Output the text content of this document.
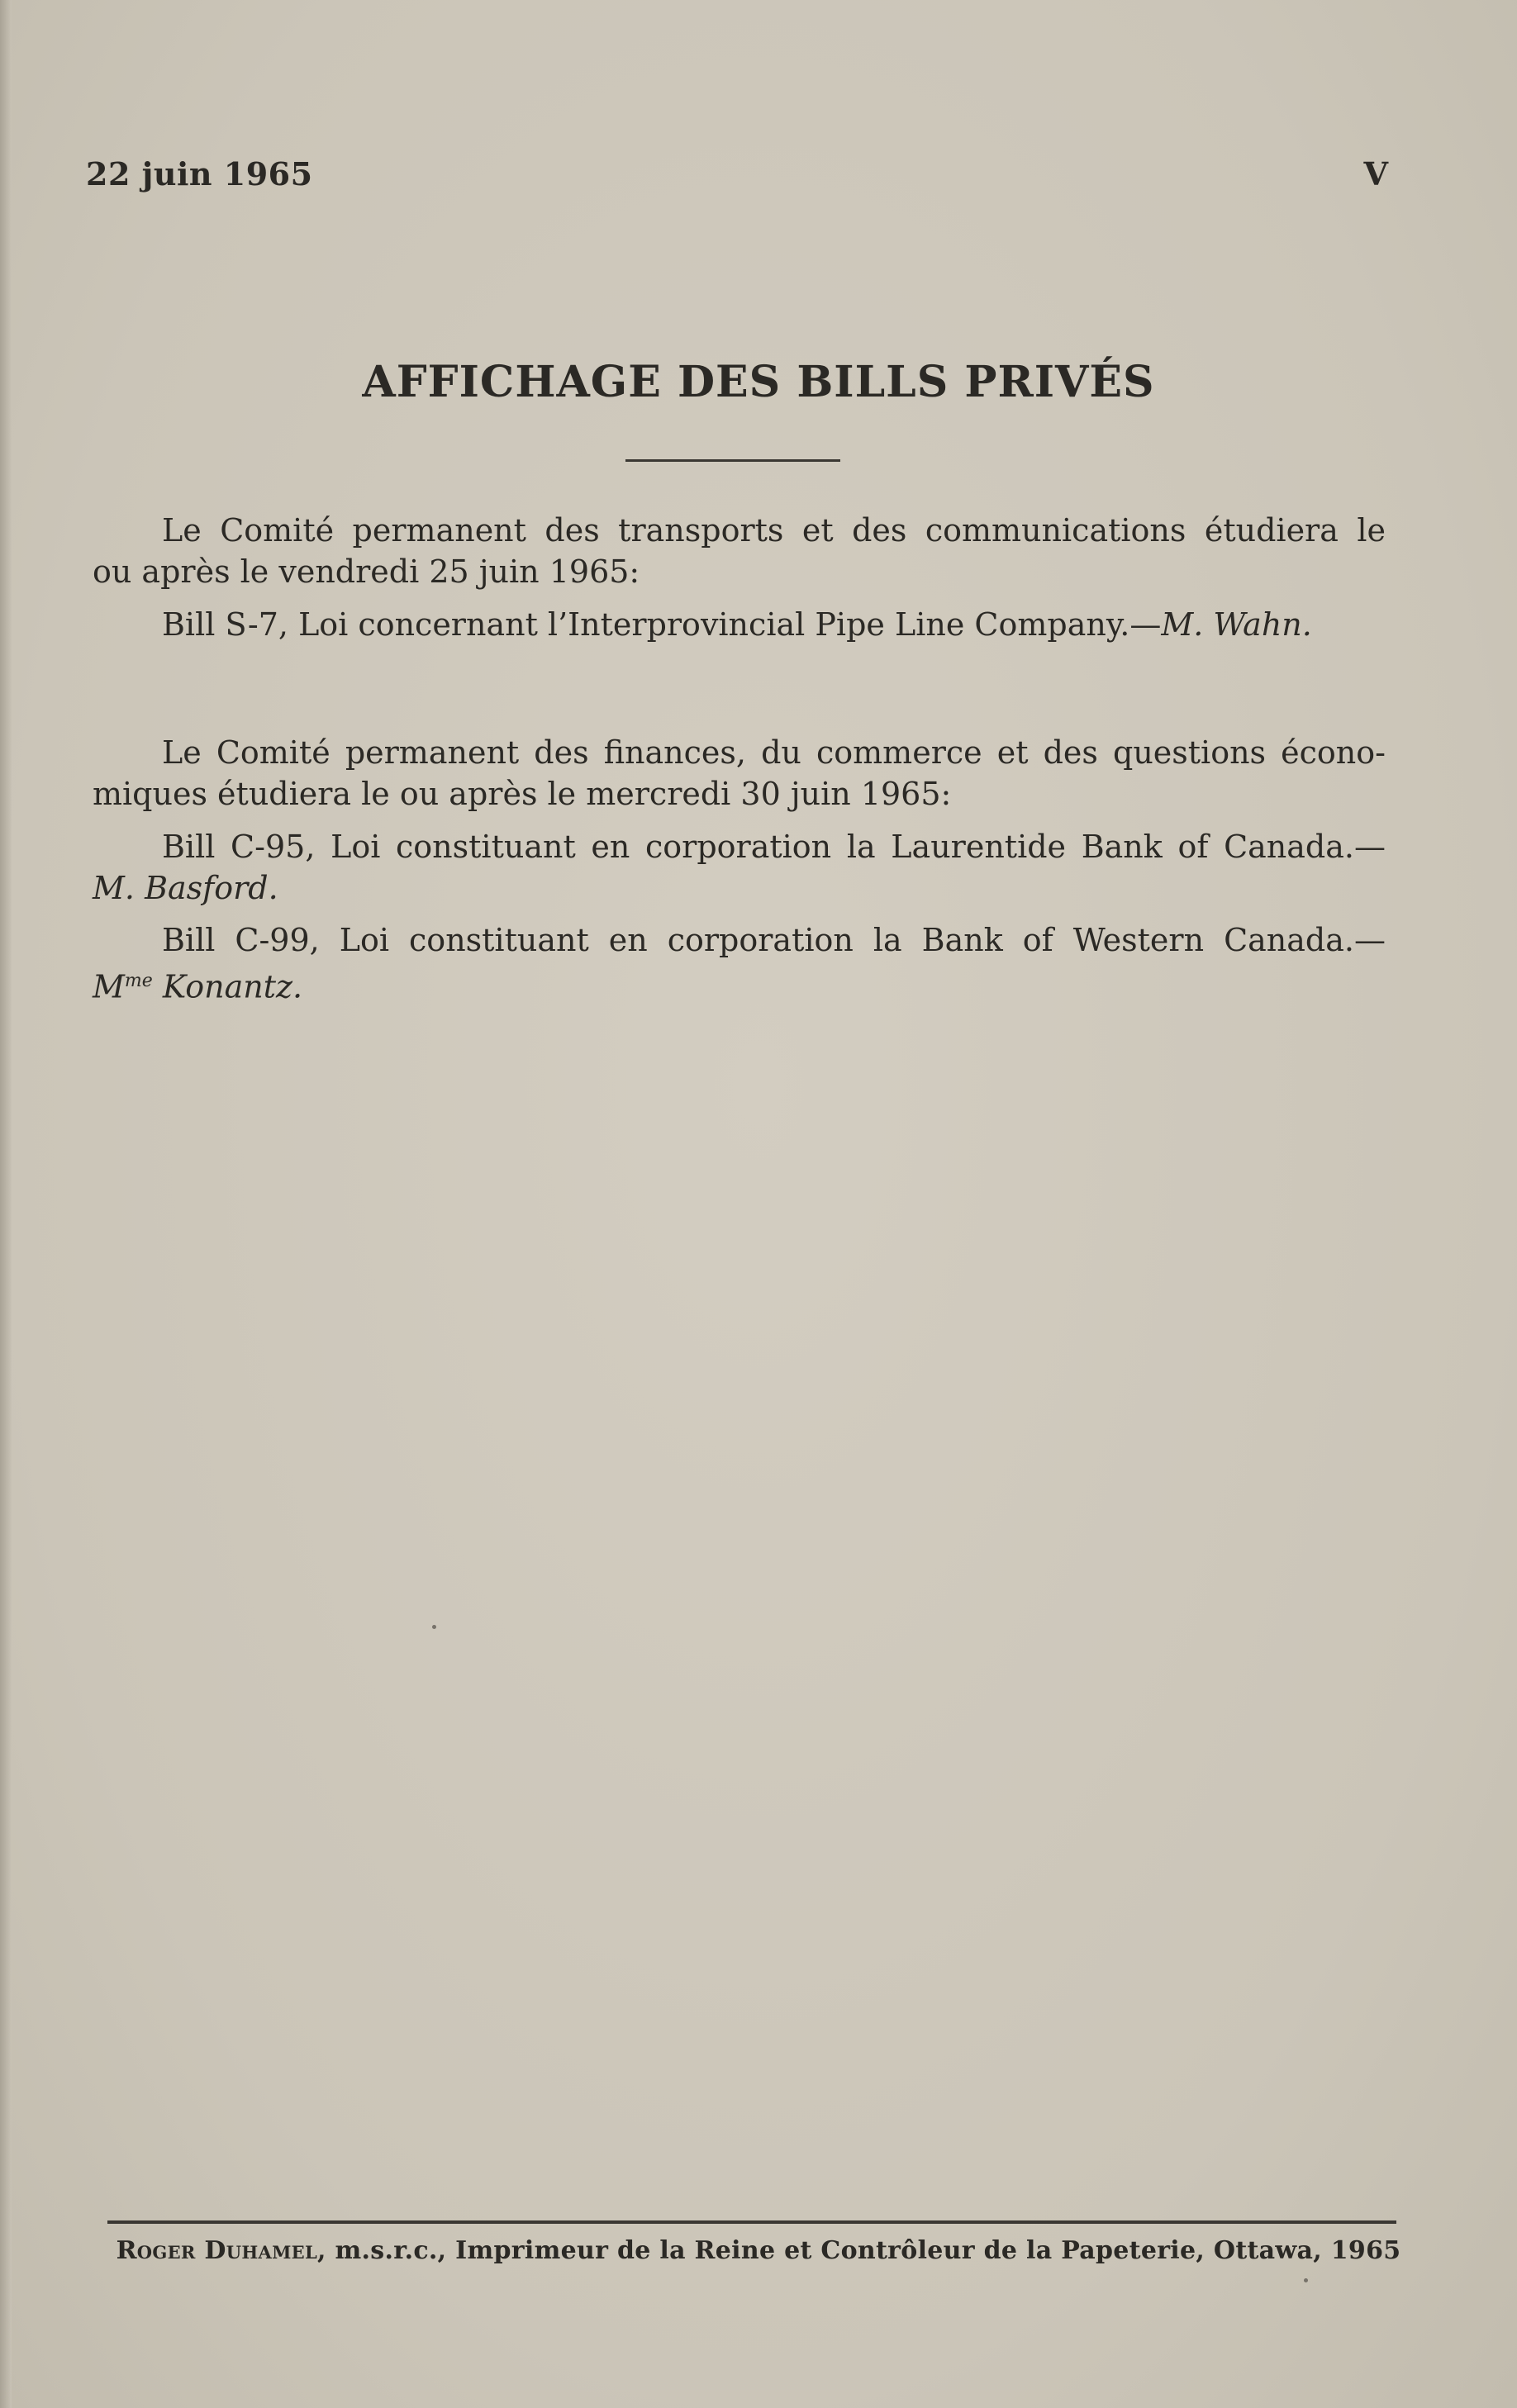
22 juin 1965	V
AFFICHAGE DES BILLS PRIVÉS
Le Comité permanent des transports et des communications étudiera le
ou après le vendredi 25 juin 1965:
Bill S-7, Loi concernant l’Interprovincial Pipe Line Company.—M. Wahn.
Le Comité permanent des finances, du commerce et des questions écono-
miques étudiera le ou après le mercredi 30 juin 1965:
Bill C-95, Loi constituant en corporation la Laurentide Bank of Canada.—
M. Basford.
Bill C-99, Loi constituant en corporation la Bank of Western Canada.—
$M^{me}$ Konantz.
Roger Duhamel, m.s.r.c., Imprimeur de la Reine et Contrôleur de la Papeterie, Ottawa, 1965
